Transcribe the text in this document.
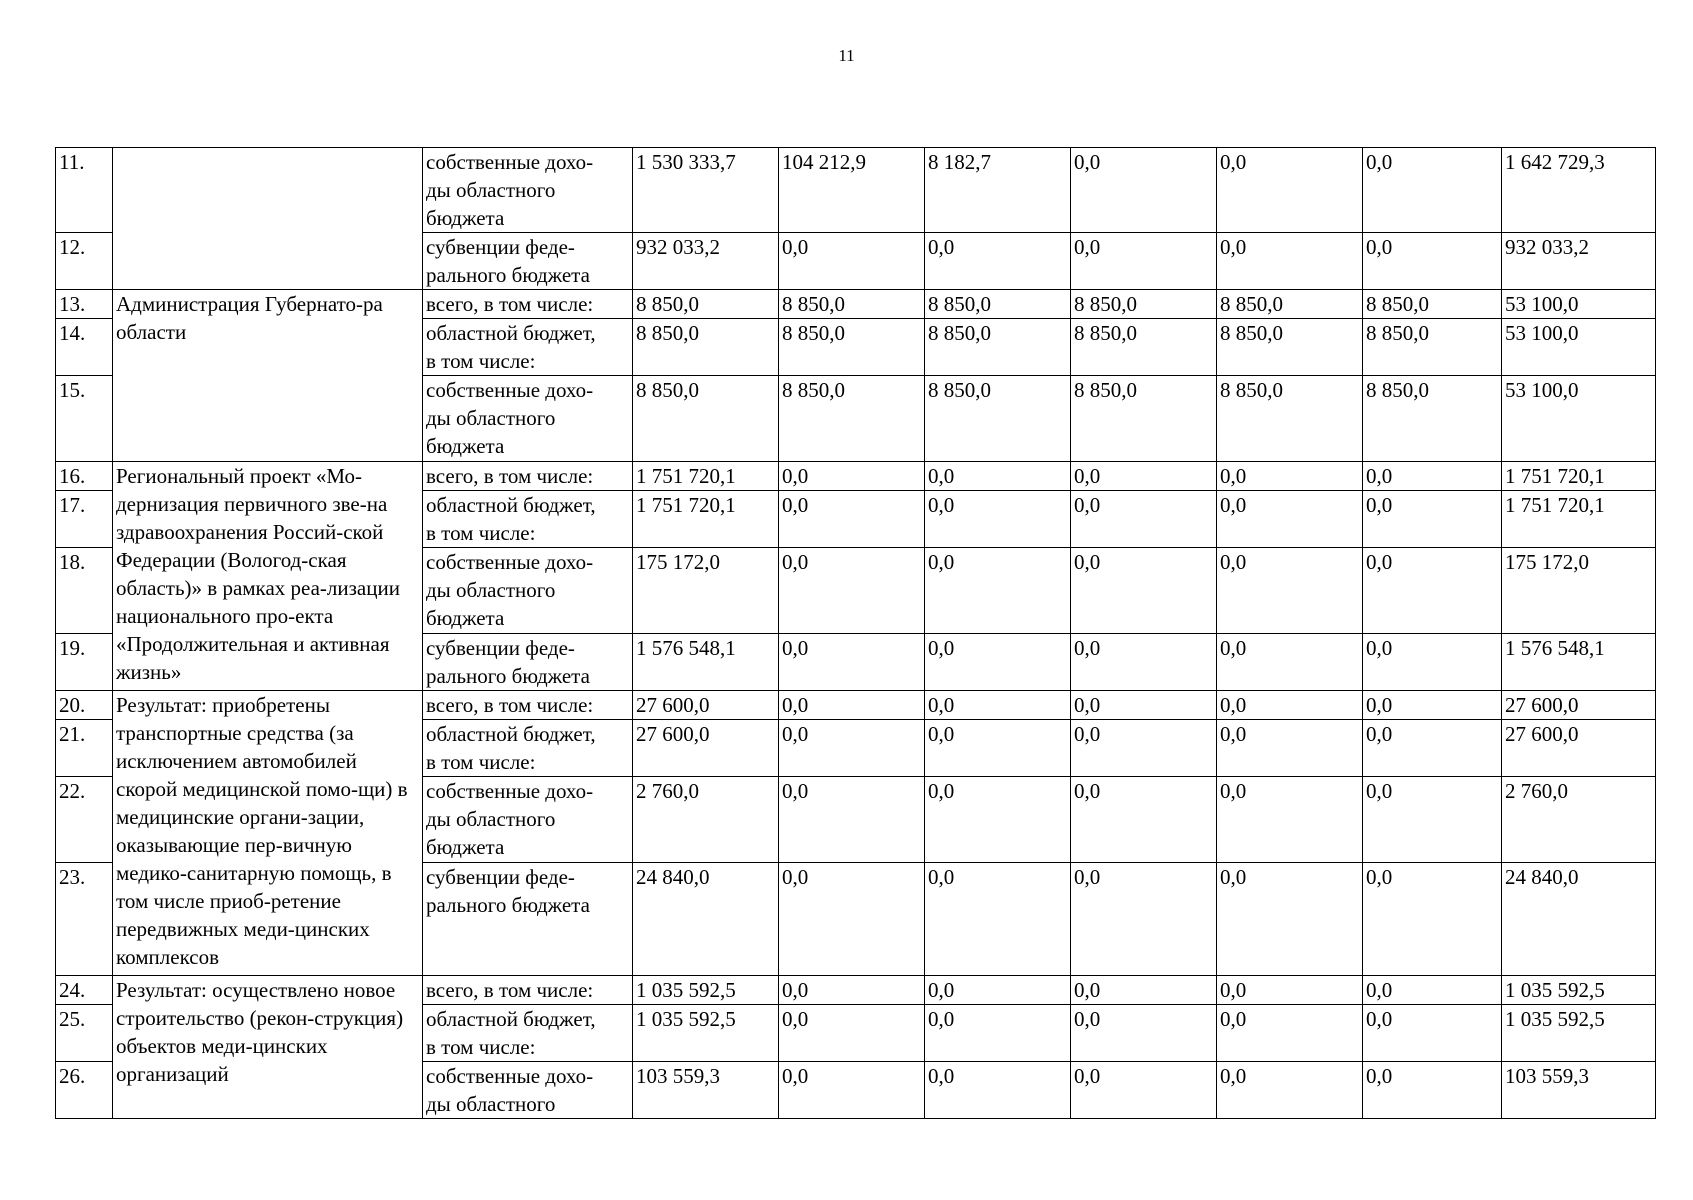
11
11.		собственные дохо-
ды областного
бюджета	1 530 333,7	104 212,9	8 182,7	0,0	0,0	0,0	1 642 729,3
12.		субвенции феде-
рального бюджета	932 033,2	0,0	0,0	0,0	0,0	0,0	932 033,2
13.	Администрация Губернато-ра области	всего, в том числе:	8 850,0	8 850,0	8 850,0	8 850,0	8 850,0	8 850,0	53 100,0
14.		областной бюджет,
в том числе:	8 850,0	8 850,0	8 850,0	8 850,0	8 850,0	8 850,0	53 100,0
15.		собственные дохо-
ды областного
бюджета	8 850,0	8 850,0	8 850,0	8 850,0	8 850,0	8 850,0	53 100,0
16.	Региональный проект «Мо-дернизация первичного зве-на здравоохранения Россий-ской Федерации (Вологод-ская область)» в рамках реа-лизации национального про-екта «Продолжительная и активная жизнь»	всего, в том числе:	1 751 720,1	0,0	0,0	0,0	0,0	0,0	1 751 720,1
17.		областной бюджет,
в том числе:	1 751 720,1	0,0	0,0	0,0	0,0	0,0	1 751 720,1
18.		собственные дохо-
ды областного
бюджета	175 172,0	0,0	0,0	0,0	0,0	0,0	175 172,0
19.		субвенции феде-
рального бюджета	1 576 548,1	0,0	0,0	0,0	0,0	0,0	1 576 548,1
20.	Результат: приобретены транспортные средства (за исключением автомобилей скорой медицинской помо-щи) в медицинские органи-зации, оказывающие пер-вичную медико-санитарную помощь, в том числе приоб-ретение передвижных меди-цинских комплексов	всего, в том числе:	27 600,0	0,0	0,0	0,0	0,0	0,0	27 600,0
21.		областной бюджет,
в том числе:	27 600,0	0,0	0,0	0,0	0,0	0,0	27 600,0
22.		собственные дохо-
ды областного
бюджета	2 760,0	0,0	0,0	0,0	0,0	0,0	2 760,0
23.		субвенции феде-
рального бюджета	24 840,0	0,0	0,0	0,0	0,0	0,0	24 840,0
24.	Результат: осуществлено новое строительство (рекон-струкция) объектов меди-цинских организаций	всего, в том числе:	1 035 592,5	0,0	0,0	0,0	0,0	0,0	1 035 592,5
25.		областной бюджет,
в том числе:	1 035 592,5	0,0	0,0	0,0	0,0	0,0	1 035 592,5
26.		собственные дохо-
ды областного	103 559,3	0,0	0,0	0,0	0,0	0,0	103 559,3
